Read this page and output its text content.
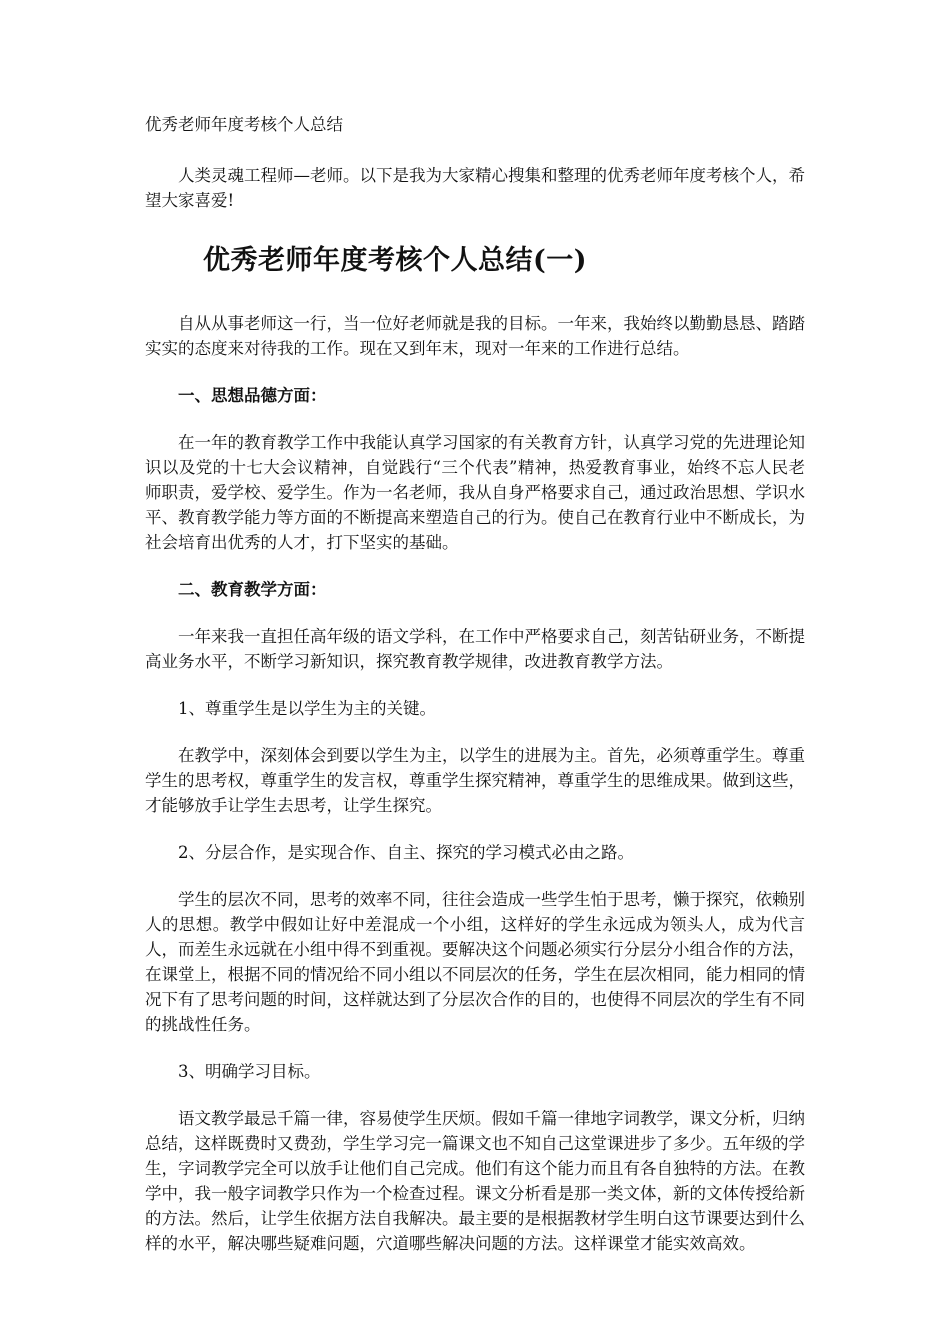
优秀老师年度考核个人总结

人类灵魂工程师—老师。以下是我为大家精心搜集和整理的优秀老师年度考核个人，希望大家喜爱!

优秀老师年度考核个人总结(一)

自从从事老师这一行，当一位好老师就是我的目标。一年来，我始终以勤勤恳恳、踏踏实实的态度来对待我的工作。现在又到年末，现对一年来的工作进行总结。

一、思想品德方面：

在一年的教育教学工作中我能认真学习国家的有关教育方针，认真学习党的先进理论知识以及党的十七大会议精神，自觉践行“三个代表”精神，热爱教育事业，始终不忘人民老师职责，爱学校、爱学生。作为一名老师，我从自身严格要求自己，通过政治思想、学识水平、教育教学能力等方面的不断提高来塑造自己的行为。使自己在教育行业中不断成长，为社会培育出优秀的人才，打下坚实的基础。

二、教育教学方面：

一年来我一直担任高年级的语文学科，在工作中严格要求自己，刻苦钻研业务，不断提高业务水平，不断学习新知识，探究教育教学规律，改进教育教学方法。

1、尊重学生是以学生为主的关键。

在教学中，深刻体会到要以学生为主，以学生的进展为主。首先，必须尊重学生。尊重学生的思考权，尊重学生的发言权，尊重学生探究精神，尊重学生的思维成果。做到这些，才能够放手让学生去思考，让学生探究。

2、分层合作，是实现合作、自主、探究的学习模式必由之路。

学生的层次不同，思考的效率不同，往往会造成一些学生怕于思考，懒于探究，依赖别人的思想。教学中假如让好中差混成一个小组，这样好的学生永远成为领头人，成为代言人，而差生永远就在小组中得不到重视。要解决这个问题必须实行分层分小组合作的方法，在课堂上，根据不同的情况给不同小组以不同层次的任务，学生在层次相同，能力相同的情况下有了思考问题的时间，这样就达到了分层次合作的目的，也使得不同层次的学生有不同的挑战性任务。

3、明确学习目标。

语文教学最忌千篇一律，容易使学生厌烦。假如千篇一律地字词教学，课文分析，归纳总结，这样既费时又费劲，学生学习完一篇课文也不知自己这堂课进步了多少。五年级的学生，字词教学完全可以放手让他们自己完成。他们有这个能力而且有各自独特的方法。在教学中，我一般字词教学只作为一个检查过程。课文分析看是那一类文体，新的文体传授给新的方法。然后，让学生依据方法自我解决。最主要的是根据教材学生明白这节课要达到什么样的水平，解决哪些疑难问题，穴道哪些解决问题的方法。这样课堂才能实效高效。
